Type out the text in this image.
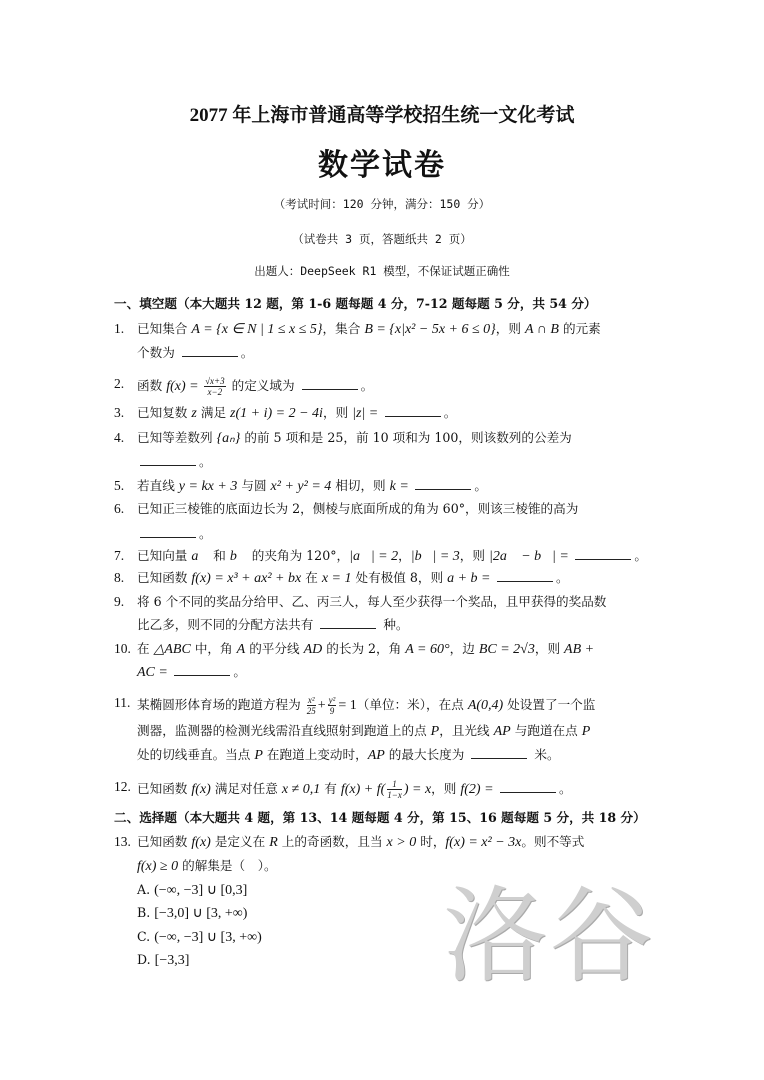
2077 年上海市普通高等学校招生统一文化考试
数学试卷
（考试时间：120 分钟，满分：150 分）
（试卷共 3 页，答题纸共 2 页）
出题人：DeepSeek R1 模型，不保证试题正确性
一、填空题（本大题共 12 题，第 1-6 题每题 4 分，7-12 题每题 5 分，共 54 分）
1. 已知集合 A = {x ∈ N | 1 ≤ x ≤ 5}，集合 B = {x|x² − 5x + 6 ≤ 0}，则 A ∩ B 的元素
个数为	。
2. 函数 $f(x) = \frac{√x+3}{x-2}$ 的定义域为	。
3. 已知复数 z 满足 z(1 + i) = 2 − 4i，则 |z| =	。
4. 已知等差数列 {aₙ} 的前 5 项和是 25，前 10 项和为 100，则该数列的公差为
。
5. 若直线 y = kx + 3 与圆 x² + y² = 4 相切，则 k =	。
6. 已知正三棱锥的底面边长为 2，侧棱与底面所成的角为 60°，则该三棱锥的高为
。
7. 已知向量 a⃗ 和 b⃗ 的夹角为 120°，|a⃗| = 2，|b⃗| = 3，则 |2a⃗ − b⃗| =	。
8. 已知函数 f(x) = x³ + ax² + bx 在 x = 1 处有极值 8，则 a + b =	。
9. 将 6 个不同的奖品分给甲、乙、丙三人，每人至少获得一个奖品，且甲获得的奖品数
比乙多，则不同的分配方法共有	种。
10. 在 △ABC 中，角 A 的平分线 AD 的长为 2，角 A = 60°，边 BC = 2√3，则 AB +
AC =	。
11. 某椭圆形体育场的跑道方程为 $\frac{\text{x²}}{25} + \frac{\text{y²}}{9} = 1$（单位：米），在点 A(0,4) 处设置了一个监
测器，监测器的检测光线需沿直线照射到跑道上的点 P，且光线 AP 与跑道在点 P
处的切线垂直。当点 P 在跑道上变动时，AP 的最大长度为	米。
12. 已知函数 f(x) 满足对任意 x ≠ 0,1 有 $f(x) + f( \frac{1}{1-x}$ ) = x，则 f(2) =	。
二、选择题（本大题共 4 题，第 13、14 题每题 4 分，第 15、16 题每题 5 分，共 18 分）
13. 已知函数 f(x) 是定义在 R 上的奇函数，且当 x > 0 时，f(x) = x² − 3x。则不等式
f(x) ≥ 0 的解集是（　）。
A. (−∞, −3] ∪ [0,3]
B. [−3,0] ∪ [3, +∞)
C. (−∞, −3] ∪ [3, +∞)
D. [−3,3] 洛谷
